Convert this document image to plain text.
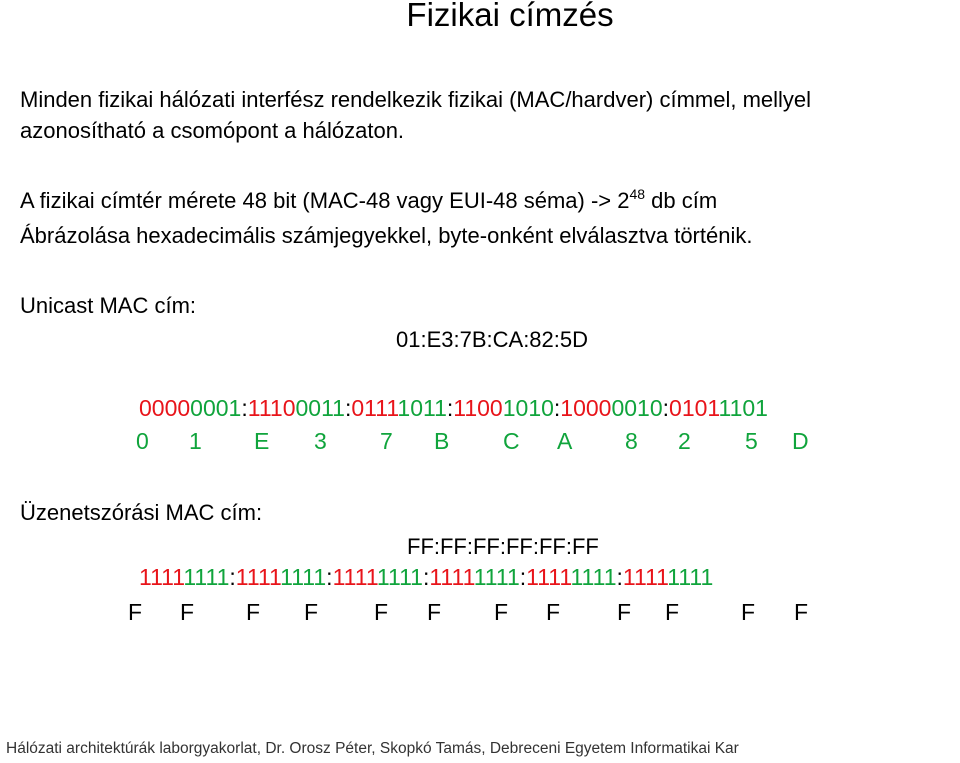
Fizikai címzés
Minden fizikai hálózati interfész rendelkezik fizikai (MAC/hardver) címmel, mellyel
azonosítható a csomópont a hálózaton.
A fizikai címtér mérete 48 bit (MAC-48 vagy EUI-48 séma) -> $2^{48}$ db cím
Ábrázolása hexadecimális számjegyekkel, byte-onként elválasztva történik.
Unicast MAC cím:
01:E3:7B:CA:82:5D
00000001:11100011:01111011:11001010:10000010:01011101
0 1 E 3 7 B C A 8 2 5 D
Üzenetszórási MAC cím:
FF:FF:FF:FF:FF:FF
11111111:11111111:11111111:11111111:11111111:11111111
F F F F F F F F F F	F F
Hálózati architektúrák laborgyakorlat, Dr. Orosz Péter, Skopkó Tamás, Debreceni Egyetem Informatikai Kar
